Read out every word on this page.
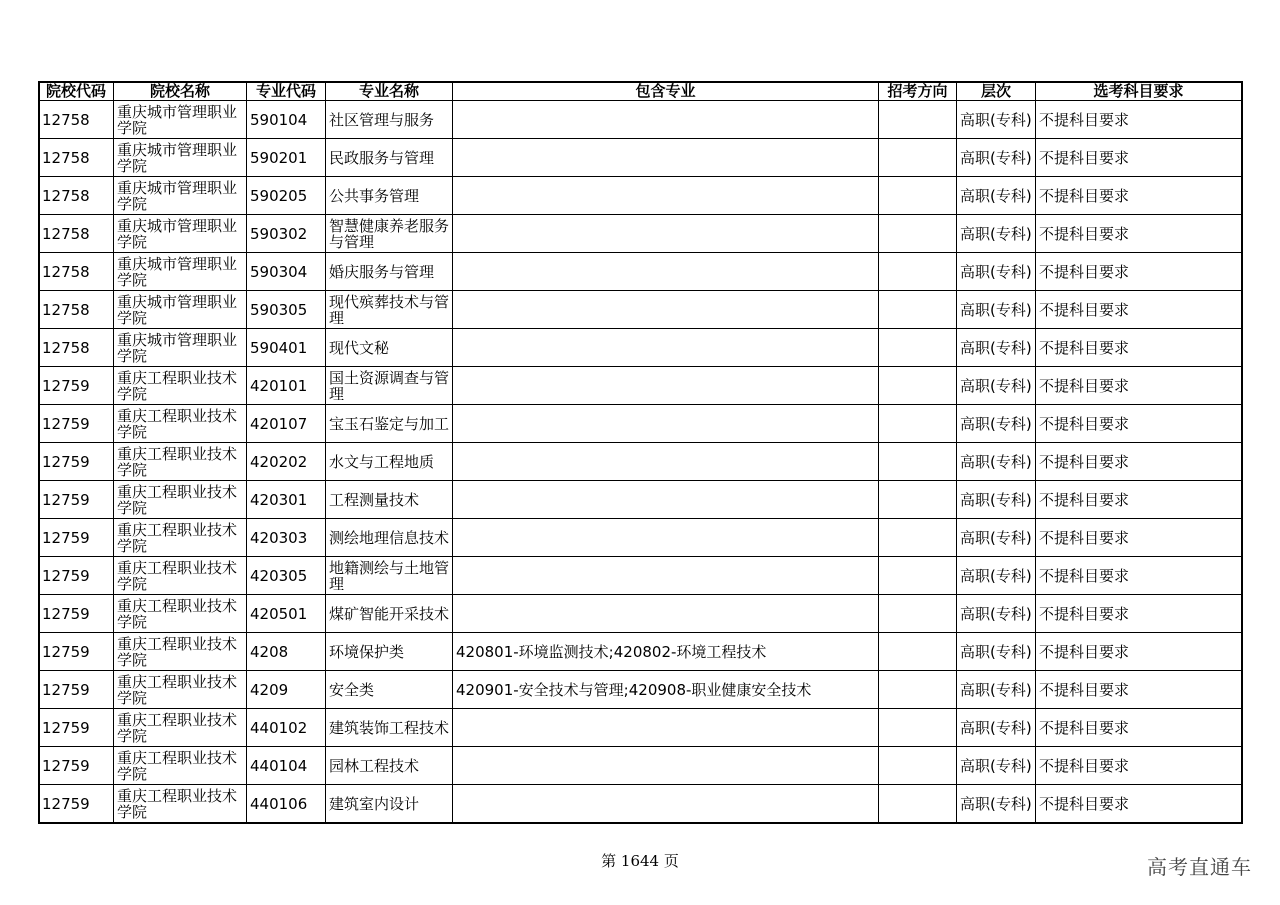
院校代码	院校名称	专业代码	专业名称	包含专业	招考方向	层次	选考科目要求
12758	重庆城市管理职业学院	590104	社区管理与服务			高职(专科)	不提科目要求
12758	重庆城市管理职业学院	590201	民政服务与管理			高职(专科)	不提科目要求
12758	重庆城市管理职业学院	590205	公共事务管理			高职(专科)	不提科目要求
12758	重庆城市管理职业学院	590302	智慧健康养老服务与管理			高职(专科)	不提科目要求
12758	重庆城市管理职业学院	590304	婚庆服务与管理			高职(专科)	不提科目要求
12758	重庆城市管理职业学院	590305	现代殡葬技术与管理			高职(专科)	不提科目要求
12758	重庆城市管理职业学院	590401	现代文秘			高职(专科)	不提科目要求
12759	重庆工程职业技术学院	420101	国土资源调查与管理			高职(专科)	不提科目要求
12759	重庆工程职业技术学院	420107	宝玉石鉴定与加工			高职(专科)	不提科目要求
12759	重庆工程职业技术学院	420202	水文与工程地质			高职(专科)	不提科目要求
12759	重庆工程职业技术学院	420301	工程测量技术			高职(专科)	不提科目要求
12759	重庆工程职业技术学院	420303	测绘地理信息技术			高职(专科)	不提科目要求
12759	重庆工程职业技术学院	420305	地籍测绘与土地管理			高职(专科)	不提科目要求
12759	重庆工程职业技术学院	420501	煤矿智能开采技术			高职(专科)	不提科目要求
12759	重庆工程职业技术学院	4208	环境保护类	420801-环境监测技术;420802-环境工程技术		高职(专科)	不提科目要求
12759	重庆工程职业技术学院	4209	安全类	420901-安全技术与管理;420908-职业健康安全技术		高职(专科)	不提科目要求
12759	重庆工程职业技术学院	440102	建筑装饰工程技术			高职(专科)	不提科目要求
12759	重庆工程职业技术学院	440104	园林工程技术			高职(专科)	不提科目要求
12759	重庆工程职业技术学院	440106	建筑室内设计			高职(专科)	不提科目要求
第 1644 页	高考直通车
